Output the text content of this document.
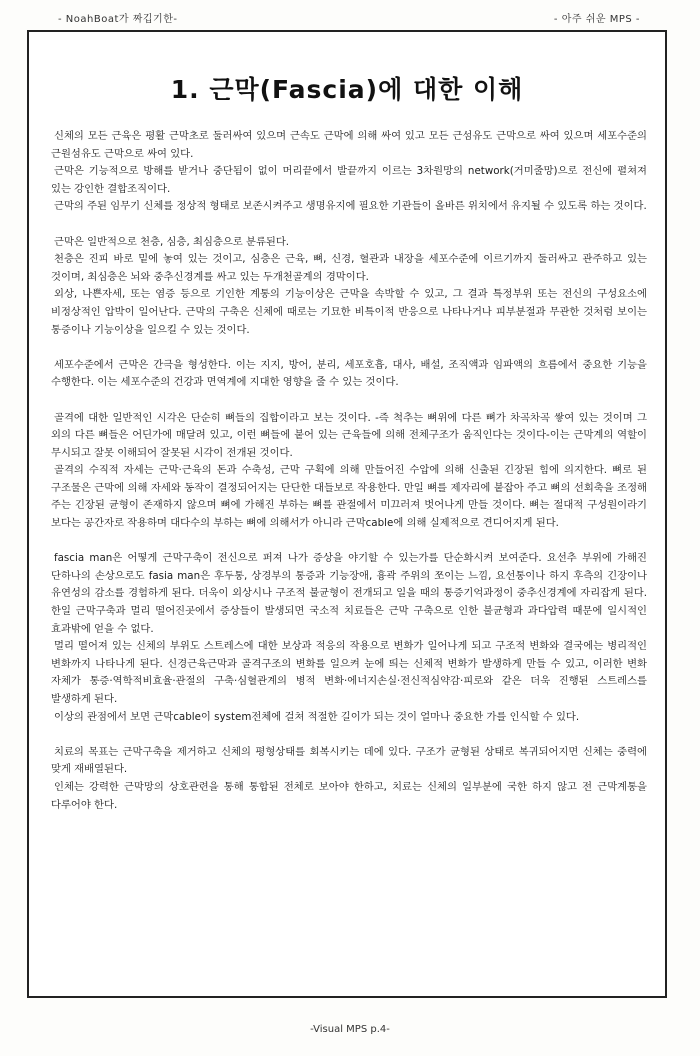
- NoahBoat가 짜깁기한-	- 아주 쉬운 MPS -
1. 근막(Fascia)에 대한 이해

신체의 모든 근육은 평활 근막초로 둘러싸여 있으며 근속도 근막에 의해 싸여 있고 모든 근섬유도 근막으로 싸여 있으며 세포수준의 근원섬유도 근막으로 싸여 있다.

근막은 기능적으로 방해를 받거나 중단됨이 없이 머리끝에서 발끝까지 이르는 3차원망의 network(거미줄망)으로 전신에 펼쳐져 있는 강인한 결합조직이다.

근막의 주된 임무기 신체를 정상적 형태로 보존시켜주고 생명유지에 필요한 기관들이 올바른 위치에서 유지될 수 있도록 하는 것이다.

근막은 일반적으로 천층, 심층, 최심층으로 분류된다.

천층은 진피 바로 밑에 놓여 있는 것이고, 심층은 근육, 뼈, 신경, 혈관과 내장을 세포수준에 이르기까지 둘러싸고 관주하고 있는 것이며, 최심층은 뇌와 중추신경계를 싸고 있는 두개천골계의 경막이다.

외상, 나쁜자세, 또는 염증 등으로 기인한 계통의 기능이상은 근막을 속박할 수 있고, 그 결과 특정부위 또는 전신의 구성요소에 비정상적인 압박이 일어난다. 근막의 구축은 신체에 때로는 기묘한 비특이적 반응으로 나타나거나 피부분절과 무관한 것처럼 보이는 통증이나 기능이상을 일으킬 수 있는 것이다.

세포수준에서 근막은 간극을 형성한다. 이는 지지, 방어, 분리, 세포호흡, 대사, 배설, 조직액과 임파액의 흐름에서 중요한 기능을 수행한다. 이는 세포수준의 건강과 면역계에 지대한 영향을 줄 수 있는 것이다.

골격에 대한 일반적인 시각은 단순히 뼈들의 집합이라고 보는 것이다. -즉 척추는 뼈위에 다른 뼈가 차곡차곡 쌓여 있는 것이며 그 외의 다른 뼈들은 어딘가에 매달려 있고, 이런 뼈들에 붙어 있는 근육들에 의해 전체구조가 움직인다는 것이다-이는 근막계의 역할이 무시되고 잘못 이해되어 잘못된 시각이 전개된 것이다.

골격의 수직적 자세는 근막·근육의 돈과 수축성, 근막 구획에 의해 만들어진 수압에 의해 신출된 긴장된 힘에 의지한다. 뼈로 된 구조물은 근막에 의해 자세와 동작이 결정되어지는 단단한 대들보로 작용한다. 만일 뼈를 제자리에 붙잡아 주고 뼈의 선회축을 조정해 주는 긴장된 균형이 존재하지 않으며 뼈에 가해진 부하는 뼈를 관절에서 미끄러져 벗어나게 만들 것이다. 뼈는 절대적 구성원이라기 보다는 공간자로 작용하며 대다수의 부하는 뼈에 의해서가 아니라 근막cable에 의해 실제적으로 견디어지게 된다.

fascia man은 어떻게 근막구축이 전신으로 퍼져 나가 증상을 야기할 수 있는가를 단순화시켜 보여준다. 요선추 부위에 가해진 단하나의 손상으로도 fasia man은 후두통, 상경부의 통증과 기능장애, 흉곽 주위의 쪼이는 느낌, 요선통이나 하지 후측의 긴장이나 유연성의 감소를 경험하게 된다. 더욱이 외상시나 구조적 불균형이 전개되고 일을 때의 통증기억과정이 중추신경계에 자리잡게 된다. 한일 근막구축과 멀리 떨어진곳에서 증상들이 발생되면 국소적 치료들은 근막 구축으로 인한 불균형과 과다압력 때문에 일시적인 효과밖에 얻을 수 없다.

멀리 떨어져 있는 신체의 부위도 스트레스에 대한 보상과 적응의 작용으로 변화가 일어나게 되고 구조적 변화와 결국에는 병리적인 변화까지 나타나게 된다. 신경근육근막과 골격구조의 변화를 일으켜 눈에 띄는 신체적 변화가 발생하게 만들 수 있고, 이러한 변화 자체가 통증·역학적비효율·관절의 구축·심혈관계의 병적 변화·에너지손실·전신적심약감·피로와 같은 더욱 진행된 스트레스를 발생하게 된다.

이상의 관점에서 보면 근막cable이 system전체에 걸쳐 적절한 길이가 되는 것이 얼마나 중요한 가를 인식할 수 있다.

치료의 목표는 근막구축을 제거하고 신체의 평형상태를 회복시키는 데에 있다. 구조가 균형된 상태로 복귀되어지면 신체는 중력에 맞게 재배열된다.

인체는 강력한 근막망의 상호관련을 통해 통합된 전체로 보아야 한하고, 치료는 신체의 일부분에 국한 하지 않고 전 근막계통을 다루어야 한다.

-Visual MPS p.4-
